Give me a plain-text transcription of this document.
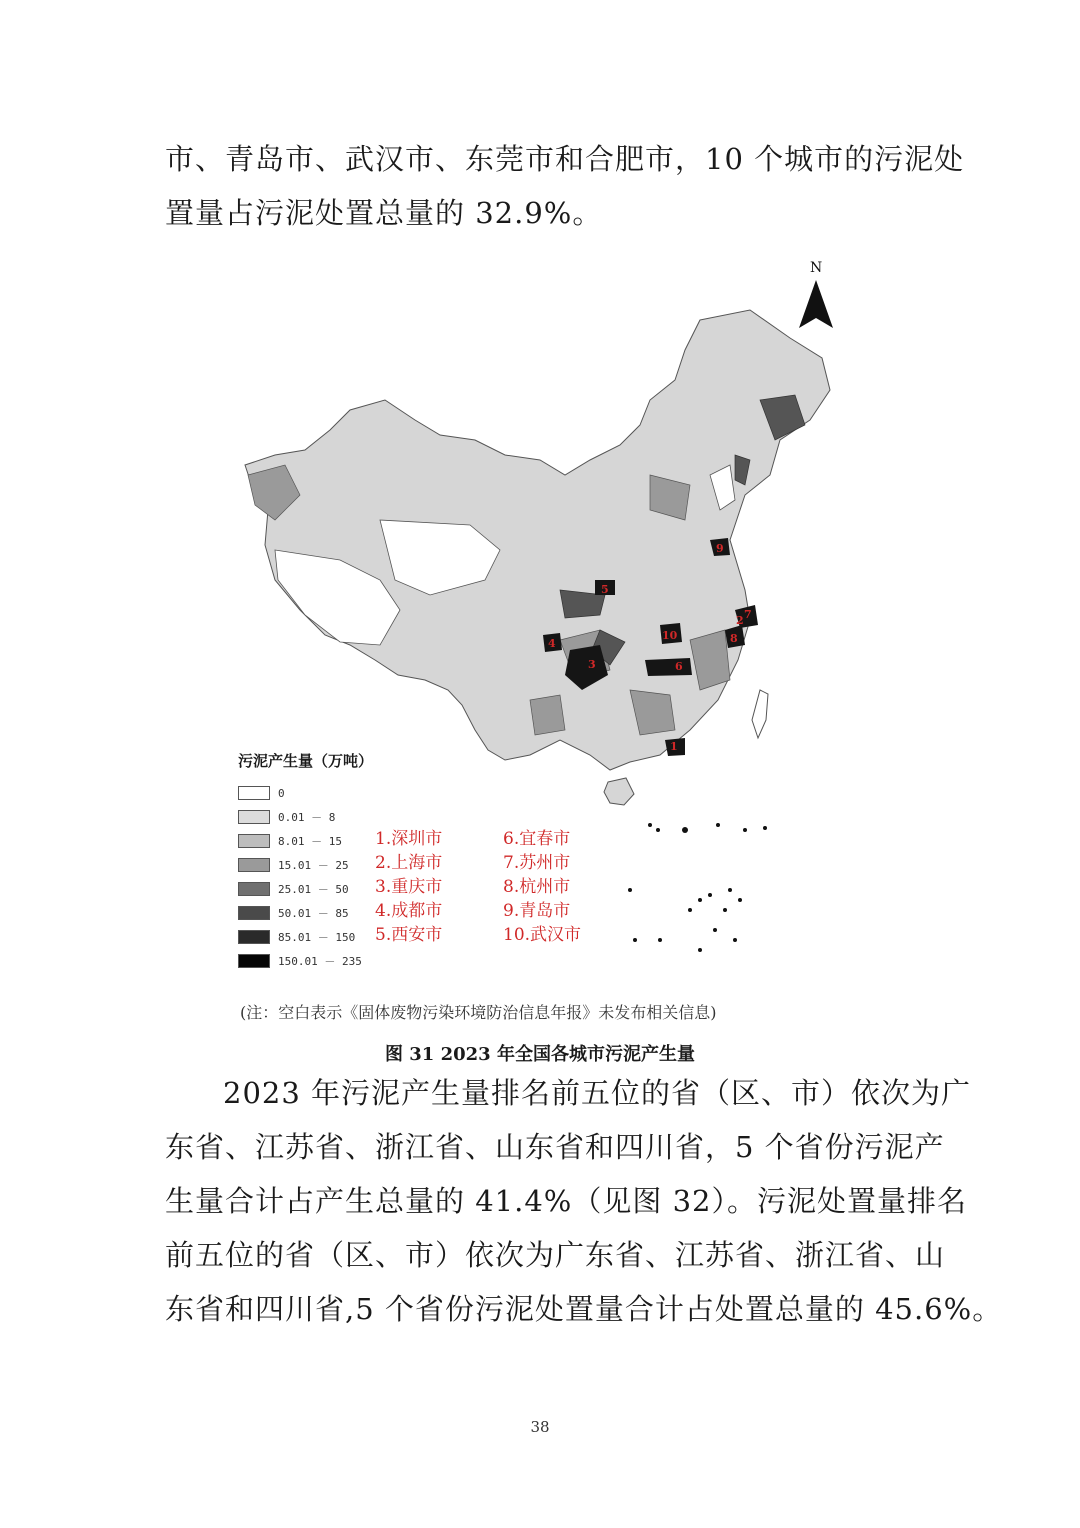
市、青岛市、武汉市、东莞市和合肥市，10 个城市的污泥处
置量占污泥处置总量的 32.9%。
N
1
2
3
4
5
6
7
8
9
10
污泥产生量（万吨）
0
0.01 － 8
8.01 － 15
15.01 － 25
25.01 － 50
50.01 － 85
85.01 － 150
150.01 － 235
1.深圳市	6.宜春市
2.上海市	7.苏州市
3.重庆市	8.杭州市
4.成都市	9.青岛市
5.西安市	10.武汉市
(注：空白表示《固体废物污染环境防治信息年报》未发布相关信息)
图 31 2023 年全国各城市污泥产生量
2023 年污泥产生量排名前五位的省（区、市）依次为广
东省、江苏省、浙江省、山东省和四川省，5 个省份污泥产
生量合计占产生总量的 41.4%（见图 32）。污泥处置量排名
前五位的省（区、市）依次为广东省、江苏省、浙江省、山
东省和四川省,5 个省份污泥处置量合计占处置总量的 45.6%。
38
